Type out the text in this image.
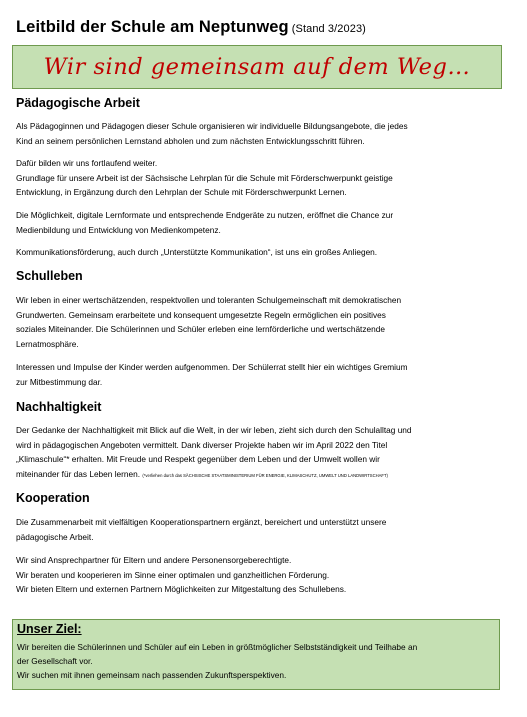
Leitbild der Schule am Neptunweg (Stand 3/2023)
Wir sind gemeinsam auf dem Weg…
Pädagogische Arbeit
Als Pädagoginnen und Pädagogen dieser Schule organisieren wir individuelle Bildungsangebote, die jedes
Kind an seinem persönlichen Lernstand abholen und zum nächsten Entwicklungsschritt führen.
Dafür bilden wir uns fortlaufend weiter.
Grundlage für unsere Arbeit ist der Sächsische Lehrplan für die Schule mit Förderschwerpunkt geistige
Entwicklung, in Ergänzung durch den Lehrplan der Schule mit Förderschwerpunkt Lernen.
Die Möglichkeit, digitale Lernformate und entsprechende Endgeräte zu nutzen, eröffnet die Chance zur
Medienbildung und Entwicklung von Medienkompetenz.
Kommunikationsförderung, auch durch „Unterstützte Kommunikation“, ist uns ein großes Anliegen.
Schulleben
Wir leben in einer wertschätzenden, respektvollen und toleranten Schulgemeinschaft mit demokratischen
Grundwerten. Gemeinsam erarbeitete und konsequent umgesetzte Regeln ermöglichen ein positives
soziales Miteinander. Die Schülerinnen und Schüler erleben eine lernförderliche und wertschätzende
Lernatmosphäre.
Interessen und Impulse der Kinder werden aufgenommen. Der Schülerrat stellt hier ein wichtiges Gremium
zur Mitbestimmung dar.
Nachhaltigkeit
Der Gedanke der Nachhaltigkeit mit Blick auf die Welt, in der wir leben, zieht sich durch den Schulalltag und
wird in pädagogischen Angeboten vermittelt. Dank diverser Projekte haben wir im April 2022 den Titel
„Klimaschule“* erhalten. Mit Freude und Respekt gegenüber dem Leben und der Umwelt wollen wir
miteinander für das Leben lernen. (*verliehen durch das SÄCHSISCHE STAATSMINISTERIUM FÜR ENERGIE, KLIMASCHUTZ, UMWELT UND LANDWIRTSCHAFT)
Kooperation
Die Zusammenarbeit mit vielfältigen Kooperationspartnern ergänzt, bereichert und unterstützt unsere
pädagogische Arbeit.
Wir sind Ansprechpartner für Eltern und andere Personensorgeberechtigte.
Wir beraten und kooperieren im Sinne einer optimalen und ganzheitlichen Förderung.
Wir bieten Eltern und externen Partnern Möglichkeiten zur Mitgestaltung des Schullebens.
Unser Ziel:
Wir bereiten die Schülerinnen und Schüler auf ein Leben in größtmöglicher Selbstständigkeit und Teilhabe an
der Gesellschaft vor.
Wir suchen mit ihnen gemeinsam nach passenden Zukunftsperspektiven.
